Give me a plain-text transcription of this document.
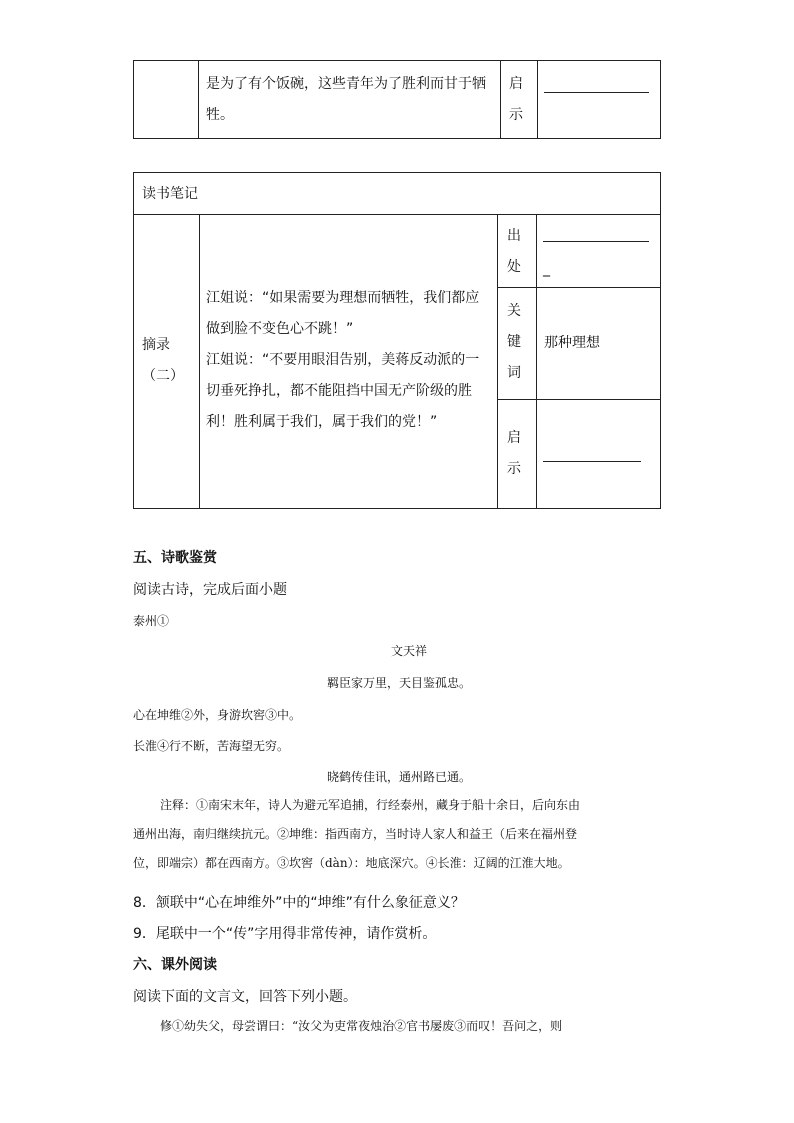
是为了有个饭碗，这些青年为了胜利而甘于牺
牲。
启
示
读书笔记
摘录
（二）
江姐说：“如果需要为理想而牺牲，我们都应
做到脸不变色心不跳！”
江姐说：“不要用眼泪告别，美蒋反动派的一
切垂死挣扎，都不能阻挡中国无产阶级的胜
利！胜利属于我们，属于我们的党！”
出
处 _
关
键
词
那种理想
启
示
五、诗歌鉴赏
阅读古诗，完成后面小题
泰州①
文天祥
羁臣家万里，天目鉴孤忠。
心在坤维②外，身游坎窖③中。
长淮④行不断，苦海望无穷。
晓鹤传佳讯，通州路已通。
注释：①南宋末年，诗人为避元军追捕，行经泰州，藏身于船十余日，后向东由
通州出海，南归继续抗元。②坤维：指西南方，当时诗人家人和益王（后来在福州登
位，即端宗）都在西南方。③坎窖（dàn）：地底深穴。④长淮：辽阔的江淮大地。
8．颔联中“心在坤维外”中的“坤维”有什么象征意义？
9．尾联中一个“传”字用得非常传神，请作赏析。
六、课外阅读
阅读下面的文言文，回答下列小题。
修①幼失父，母尝谓曰：“汝父为吏常夜烛治②官书屡废③而叹！吾问之，则
